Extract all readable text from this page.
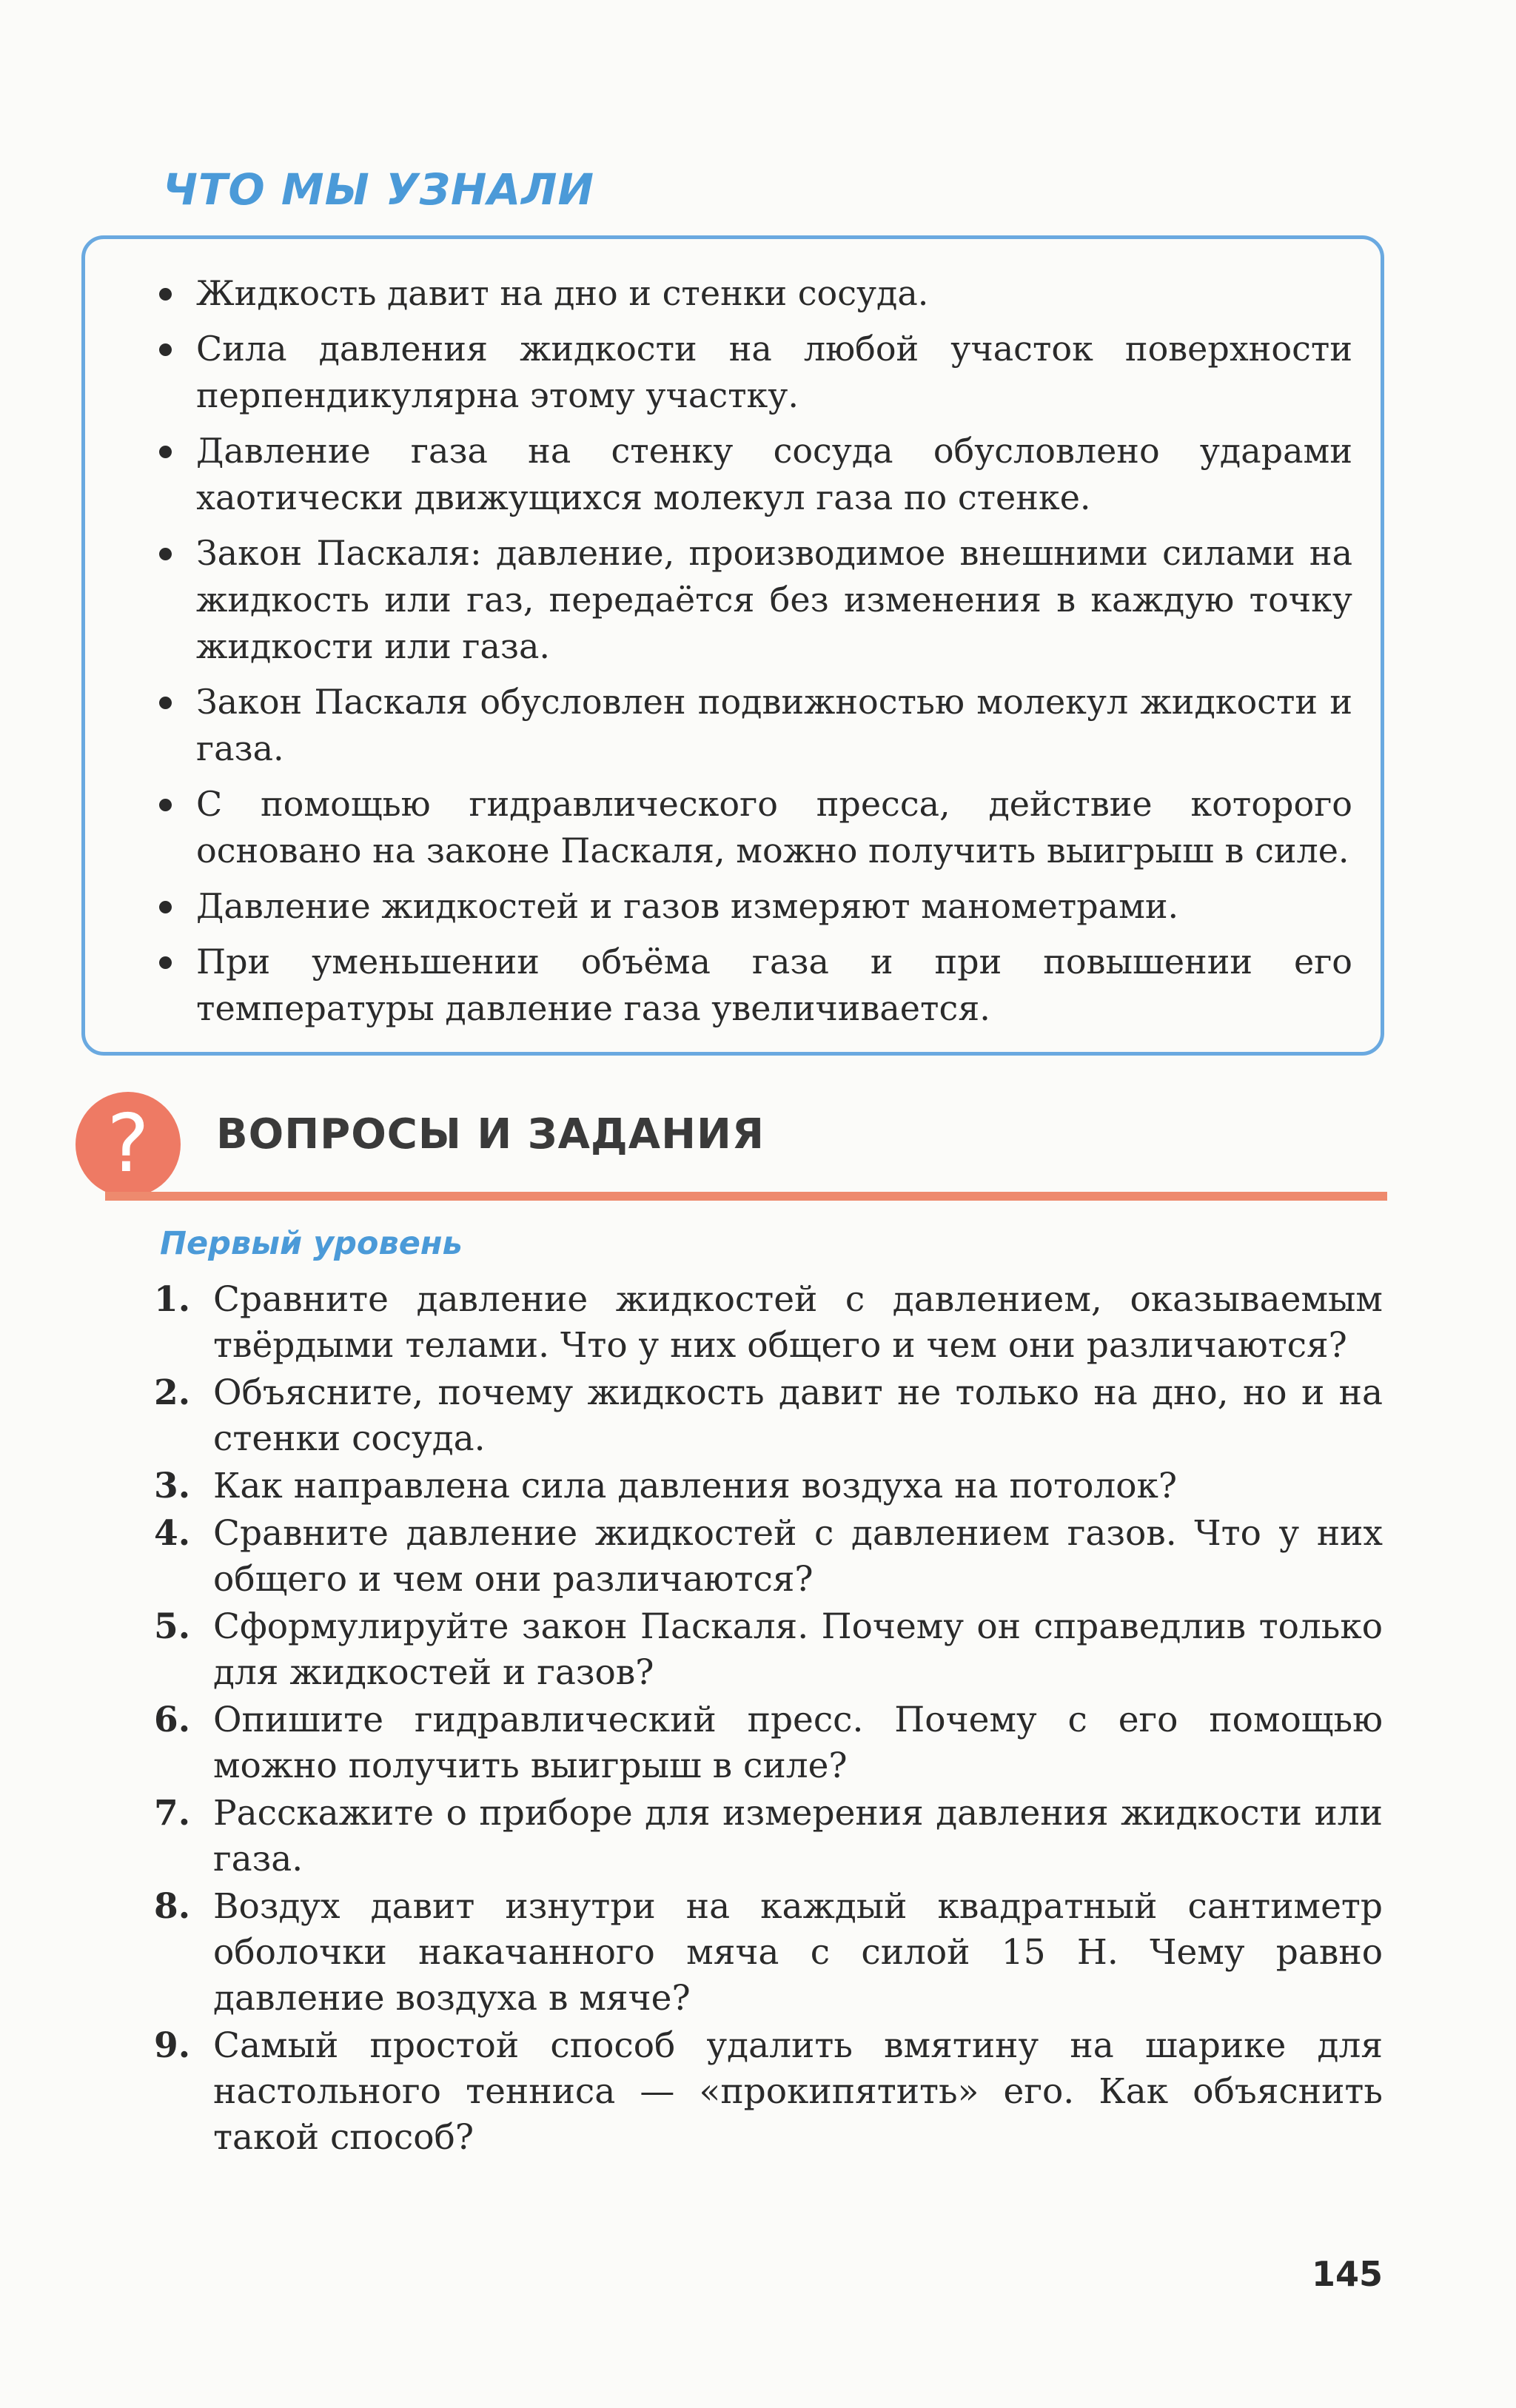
ЧТО МЫ УЗНАЛИ
Жидкость давит на дно и стенки сосуда.
Сила давления жидкости на любой участок поверхности перпендикулярна этому участку.
Давление газа на стенку сосуда обусловлено ударами хаотически движущихся молекул газа по стенке.
Закон Паскаля: давление, производимое внешними силами на жидкость или газ, передаётся без изменения в каждую точку жидкости или газа.
Закон Паскаля обусловлен подвижностью молекул жидкости и газа.
С помощью гидравлического пресса, действие которого основано на законе Паскаля, можно получить выигрыш в силе.
Давление жидкостей и газов измеряют манометрами.
При уменьшении объёма газа и при повышении его температуры давление газа увеличивается.
?	ВОПРОСЫ И ЗАДАНИЯ
Первый уровень
1. Сравните давление жидкостей с давлением, оказываемым твёрдыми телами. Что у них общего и чем они различаются?
2. Объясните, почему жидкость давит не только на дно, но и на стенки сосуда.
3. Как направлена сила давления воздуха на потолок?
4. Сравните давление жидкостей с давлением газов. Что у них общего и чем они различаются?
5. Сформулируйте закон Паскаля. Почему он справедлив только для жидкостей и газов?
6. Опишите гидравлический пресс. Почему с его помощью можно получить выигрыш в силе?
7. Расскажите о приборе для измерения давления жидкости или газа.
8. Воздух давит изнутри на каждый квадратный сантиметр оболочки накачанного мяча с силой 15 Н. Чему равно давление воздуха в мяче?
9. Самый простой способ удалить вмятину на шарике для настольного тенниса — «прокипятить» его. Как объяснить такой способ?

145
